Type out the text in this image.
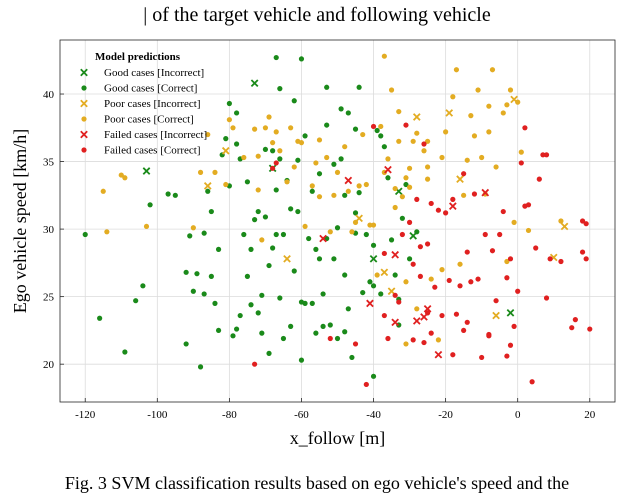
| of the target vehicle and following vehicle
-120	-100	-80	-60	-40	-20	0	20
20
25
30
35
40
x_follow [m]
Ego vehicle speed [km/h]
Model predictions
Good cases [Incorrect]
Good cases [Correct]
Poor cases [Incorrect]
Poor cases [Correct]
Failed cases [Incorrect]
Failed cases [Correct]
Fig. 3 SVM classification results based on ego vehicle's speed and the
